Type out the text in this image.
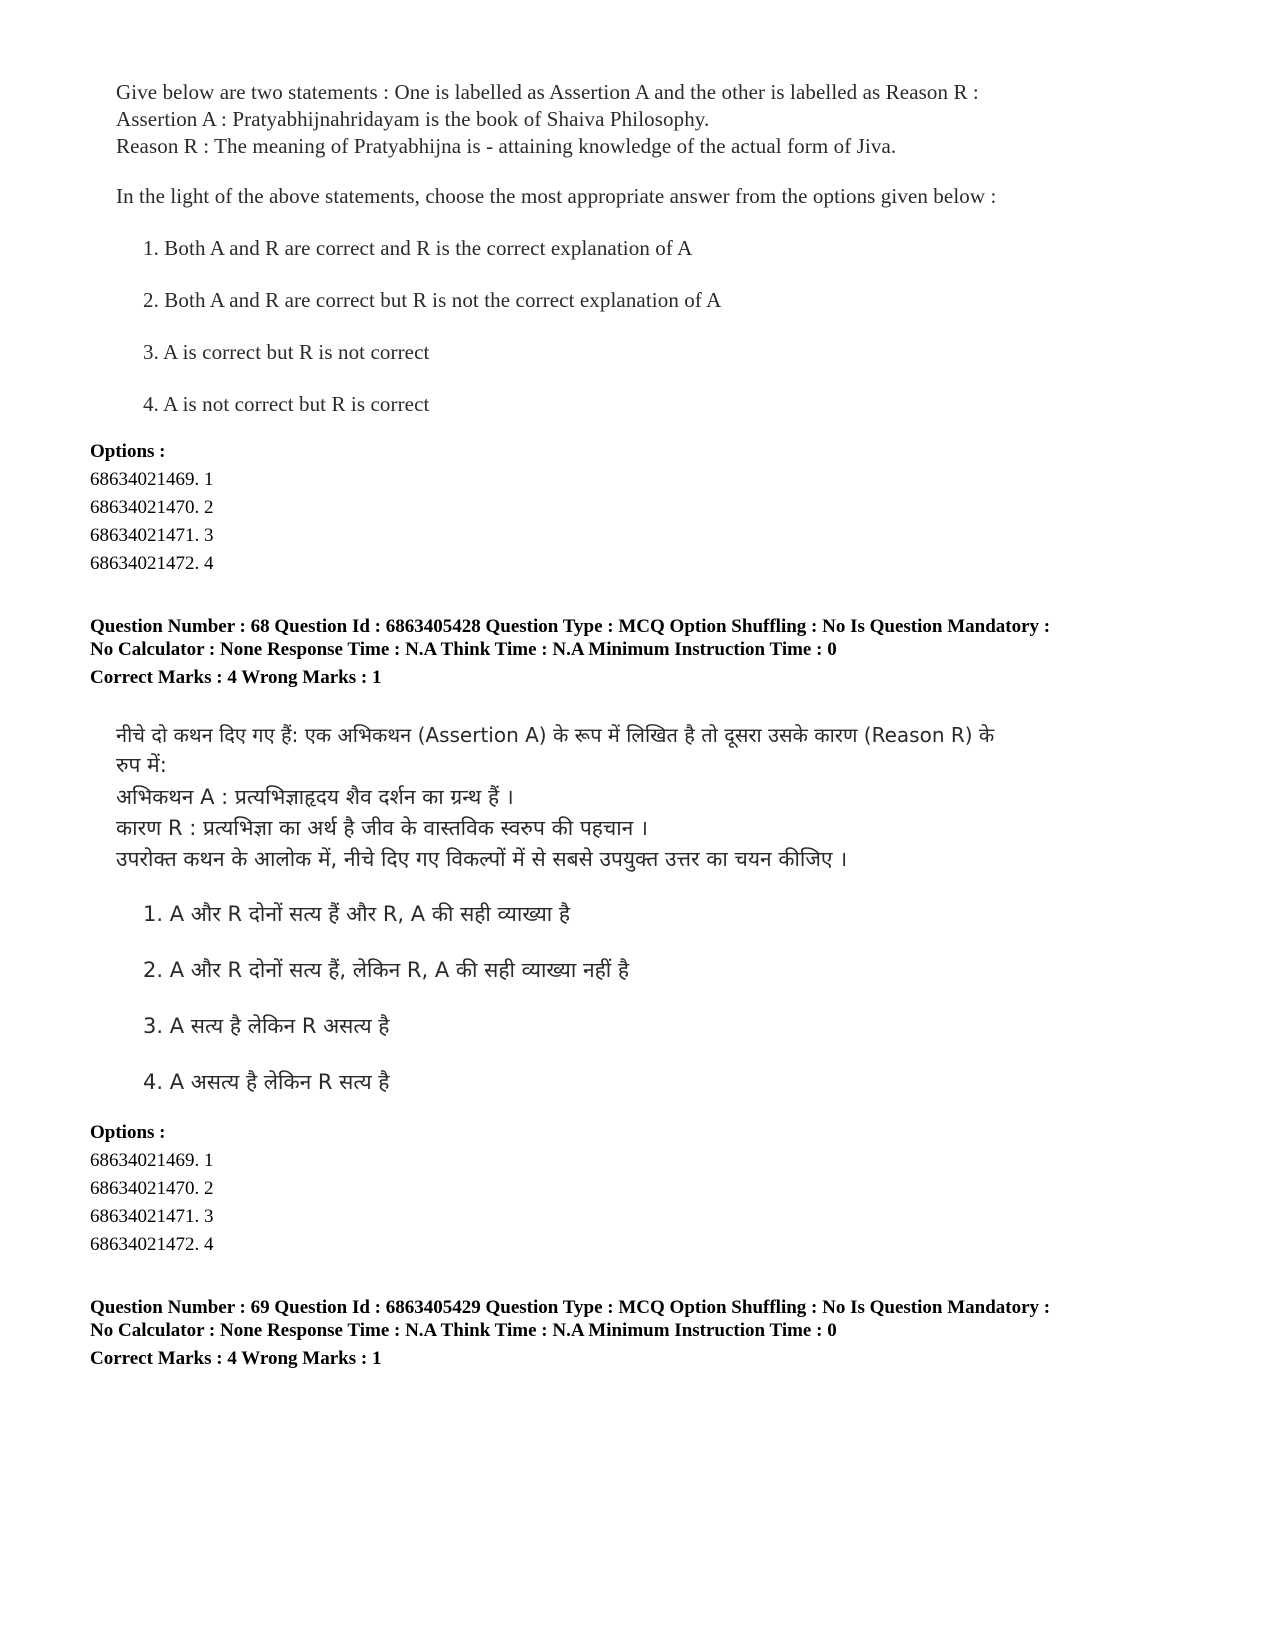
Give below are two statements : One is labelled as Assertion A and the other is labelled as Reason R :
Assertion A : Pratyabhijnahridayam is the book of Shaiva Philosophy.
Reason R : The meaning of Pratyabhijna is - attaining knowledge of the actual form of Jiva.
In the light of the above statements, choose the most appropriate answer from the options given below :
1. Both A and R are correct and R is the correct explanation of A
2. Both A and R are correct but R is not the correct explanation of A
3. A is correct but R is not correct
4. A is not correct but R is correct
Options :
68634021469. 1
68634021470. 2
68634021471. 3
68634021472. 4
Question Number : 68 Question Id : 6863405428 Question Type : MCQ Option Shuffling : No Is Question Mandatory :
No Calculator : None Response Time : N.A Think Time : N.A Minimum Instruction Time : 0
Correct Marks : 4 Wrong Marks : 1
नीचे दो कथन दिए गए हैं: एक अभिकथन (Assertion A) के रूप में लिखित है तो दूसरा उसके कारण (Reason R) के
रुप में:
अभिकथन A : प्रत्यभिज्ञाहृदय शैव दर्शन का ग्रन्थ हैं ।
कारण R : प्रत्यभिज्ञा का अर्थ है जीव के वास्तविक स्वरुप की पहचान ।
उपरोक्त कथन के आलोक में, नीचे दिए गए विकल्पों में से सबसे उपयुक्त उत्तर का चयन कीजिए ।
1. A और R दोनों सत्य हैं और R, A की सही व्याख्या है
2. A और R दोनों सत्य हैं, लेकिन R, A की सही व्याख्या नहीं है
3. A सत्य है लेकिन R असत्य है
4. A असत्य है लेकिन R सत्य है
Options :
68634021469. 1
68634021470. 2
68634021471. 3
68634021472. 4
Question Number : 69 Question Id : 6863405429 Question Type : MCQ Option Shuffling : No Is Question Mandatory :
No Calculator : None Response Time : N.A Think Time : N.A Minimum Instruction Time : 0
Correct Marks : 4 Wrong Marks : 1
